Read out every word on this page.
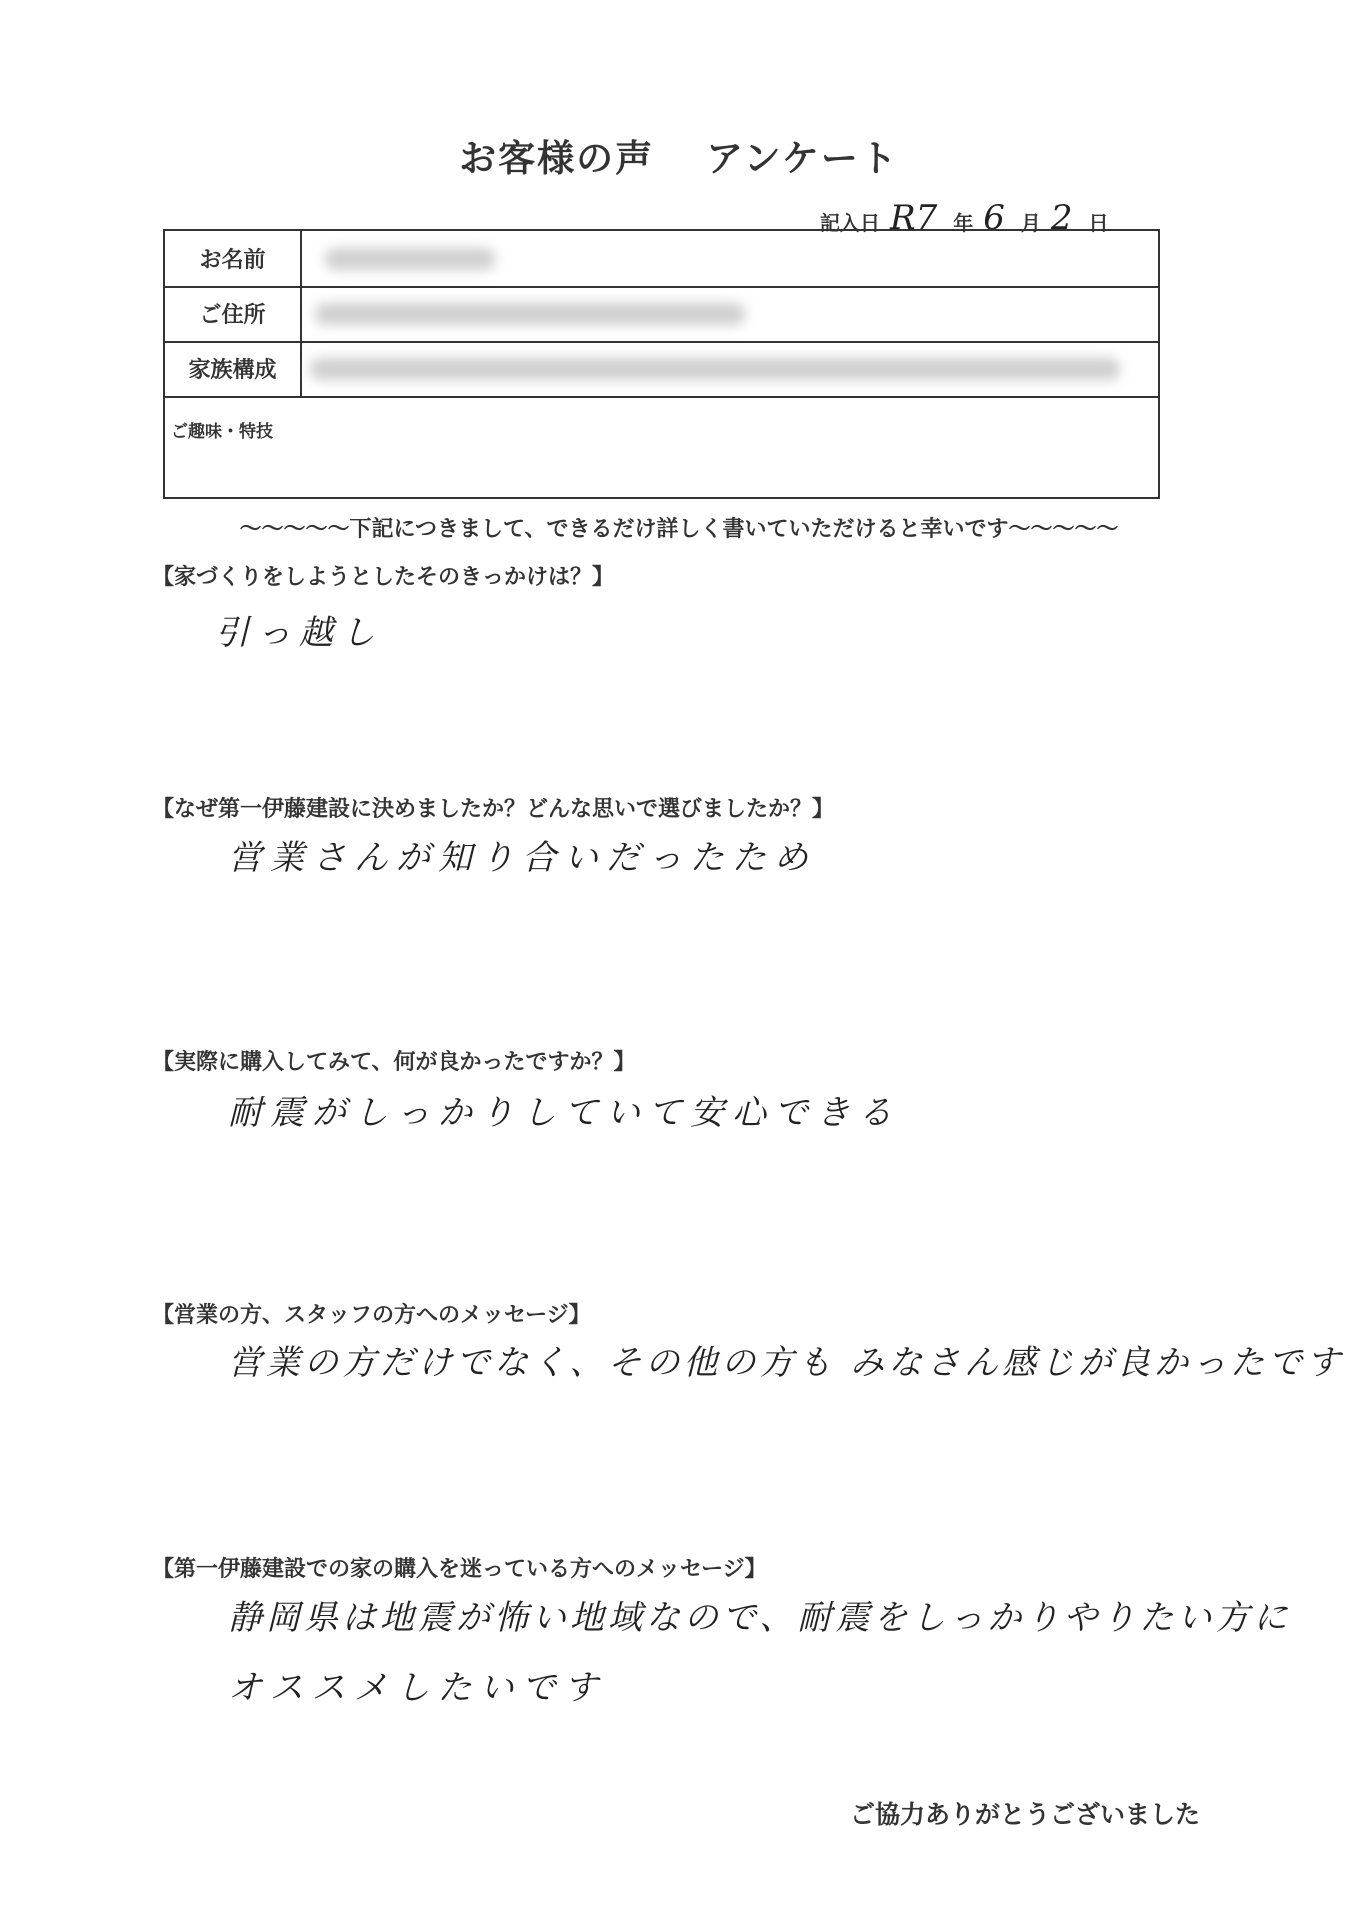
お客様の声 アンケート
記入日 R7 年 6 月 2 日
お名前
ご住所
家族構成
ご趣味・特技
～～～～～下記につきまして、できるだけ詳しく書いていただけると幸いです～～～～～
【家づくりをしようとしたそのきっかけは？】
引っ越し
【なぜ第一伊藤建設に決めましたか？どんな思いで選びましたか？】
営業さんが知り合いだったため
【実際に購入してみて、何が良かったですか？】
耐震がしっかりしていて安心できる
【営業の方、スタッフの方へのメッセージ】
営業の方だけでなく、その他の方も みなさん感じが良かったです
【第一伊藤建設での家の購入を迷っている方へのメッセージ】
静岡県は地震が怖い地域なので、耐震をしっかりやりたい方に
オススメしたいです
ご協力ありがとうございました
